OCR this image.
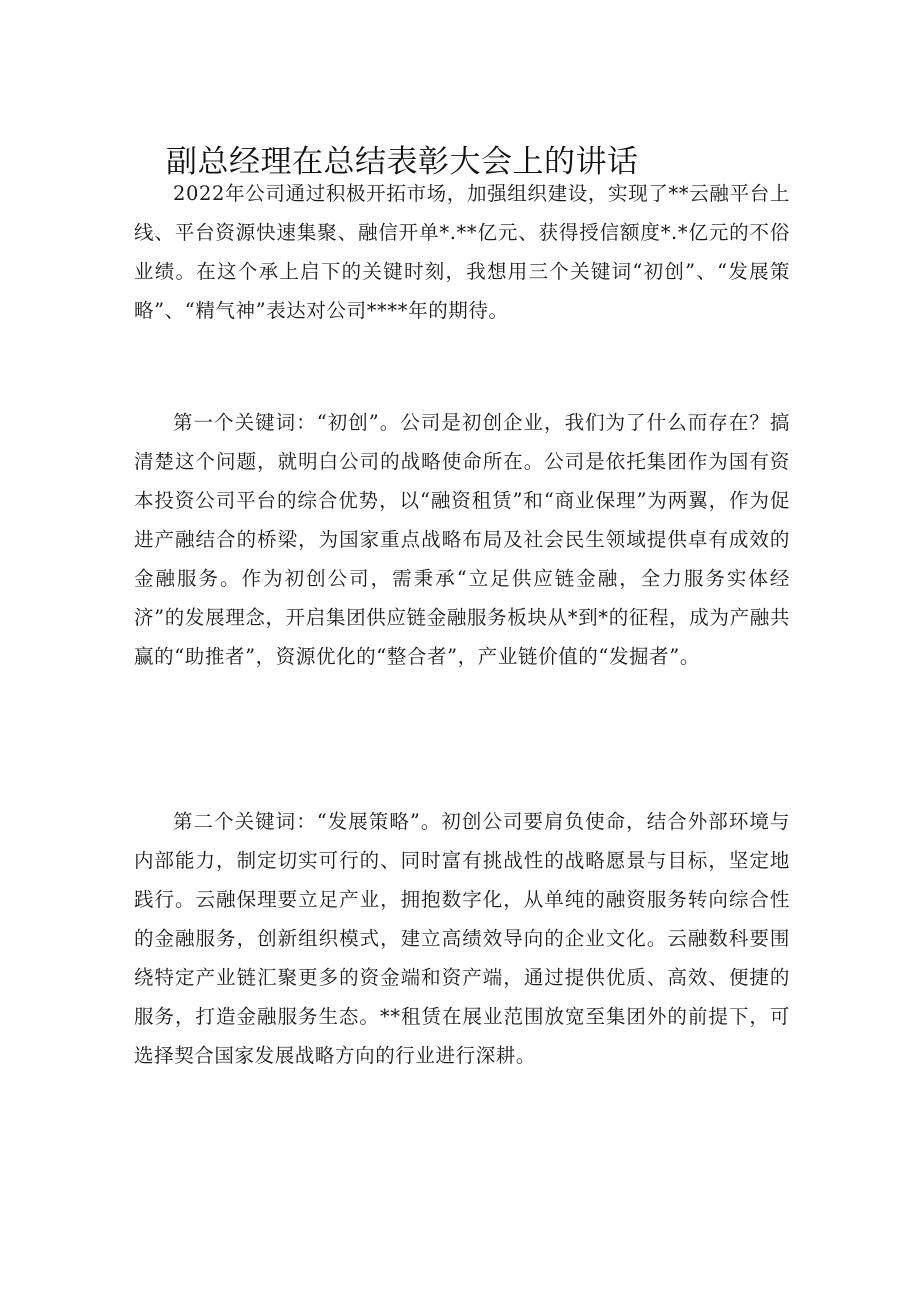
副总经理在总结表彰大会上的讲话

2022年公司通过积极开拓市场，加强组织建设，实现了**云融平台上线、平台资源快速集聚、融信开单*.**亿元、获得授信额度*.*亿元的不俗业绩。在这个承上启下的关键时刻，我想用三个关键词“初创”、“发展策略”、“精气神”表达对公司****年的期待。

第一个关键词：“初创”。公司是初创企业，我们为了什么而存在？搞清楚这个问题，就明白公司的战略使命所在。公司是依托集团作为国有资本投资公司平台的综合优势，以“融资租赁”和“商业保理”为两翼，作为促进产融结合的桥梁，为国家重点战略布局及社会民生领域提供卓有成效的金融服务。作为初创公司，需秉承“立足供应链金融，全力服务实体经济”的发展理念，开启集团供应链金融服务板块从*到*的征程，成为产融共赢的“助推者”，资源优化的“整合者”，产业链价值的“发掘者”。

第二个关键词：“发展策略”。初创公司要肩负使命，结合外部环境与内部能力，制定切实可行的、同时富有挑战性的战略愿景与目标，坚定地践行。云融保理要立足产业，拥抱数字化，从单纯的融资服务转向综合性的金融服务，创新组织模式，建立高绩效导向的企业文化。云融数科要围绕特定产业链汇聚更多的资金端和资产端，通过提供优质、高效、便捷的服务，打造金融服务生态。**租赁在展业范围放宽至集团外的前提下，可选择契合国家发展战略方向的行业进行深耕。
